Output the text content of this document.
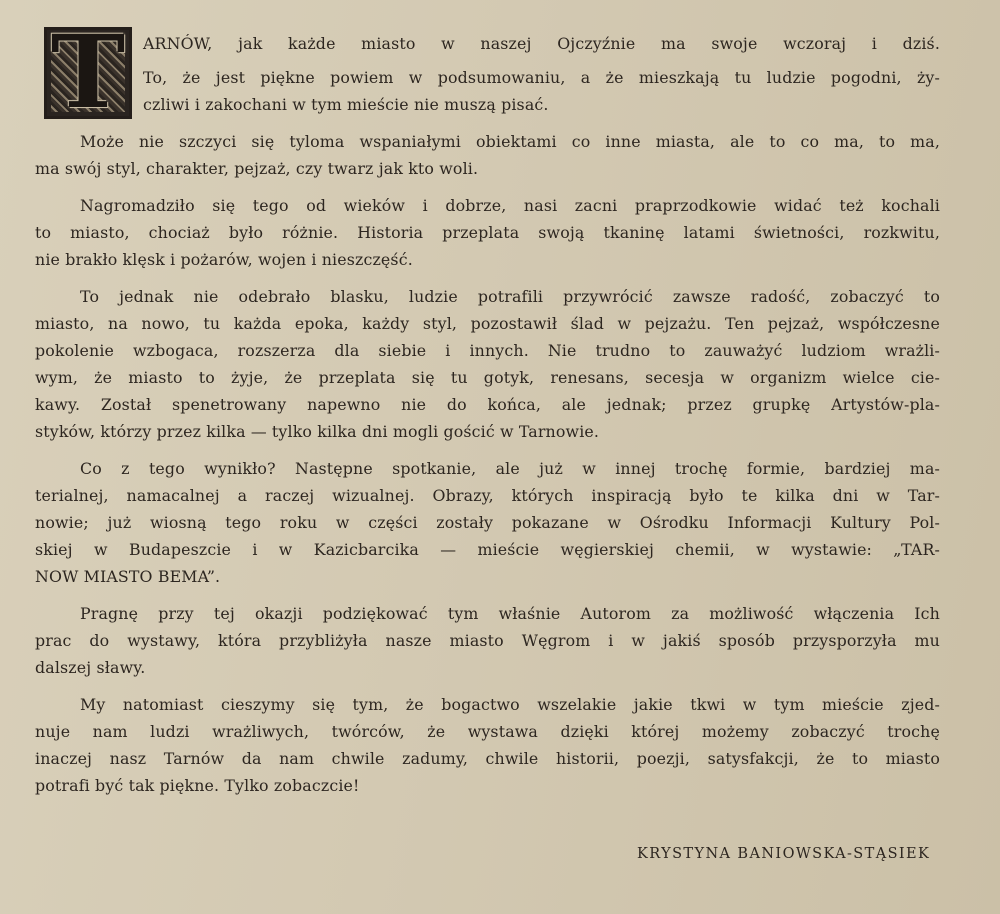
T ARNÓW, jak każde miasto w naszej Ojczyźnie ma swoje wczoraj i dziś.
To, że jest piękne powiem w podsumowaniu, a że mieszkają tu ludzie pogodni, ży-
czliwi i zakochani w tym mieście nie muszą pisać.
Może nie szczyci się tyloma wspaniałymi obiektami co inne miasta, ale to co ma, to ma,
ma swój styl, charakter, pejzaż, czy twarz jak kto woli.
Nagromadziło się tego od wieków i dobrze, nasi zacni praprzodkowie widać też kochali
to miasto, chociaż było różnie. Historia przeplata swoją tkaninę latami świetności, rozkwitu,
nie brakło klęsk i pożarów, wojen i nieszczęść.
To jednak nie odebrało blasku, ludzie potrafili przywrócić zawsze radość, zobaczyć to
miasto, na nowo, tu każda epoka, każdy styl, pozostawił ślad w pejzażu. Ten pejzaż, współczesne
pokolenie wzbogaca, rozszerza dla siebie i innych. Nie trudno to zauważyć ludziom wrażli-
wym, że miasto to żyje, że przeplata się tu gotyk, renesans, secesja w organizm wielce cie-
kawy. Został spenetrowany napewno nie do końca, ale jednak; przez grupkę Artystów-pla-
styków, którzy przez kilka — tylko kilka dni mogli gościć w Tarnowie.
Co z tego wynikło? Następne spotkanie, ale już w innej trochę formie, bardziej ma-
terialnej, namacalnej a raczej wizualnej. Obrazy, których inspiracją było te kilka dni w Tar-
nowie; już wiosną tego roku w części zostały pokazane w Ośrodku Informacji Kultury Pol-
skiej w Budapeszcie i w Kazicbarcika — mieście węgierskiej chemii, w wystawie: „TAR-
NOW MIASTO BEMA”.
Pragnę przy tej okazji podziękować tym właśnie Autorom za możliwość włączenia Ich
prac do wystawy, która przybliżyła nasze miasto Węgrom i w jakiś sposób przysporzyła mu
dalszej sławy.
My natomiast cieszymy się tym, że bogactwo wszelakie jakie tkwi w tym mieście zjed-
nuje nam ludzi wrażliwych, twórców, że wystawa dzięki której możemy zobaczyć trochę
inaczej nasz Tarnów da nam chwile zadumy, chwile historii, poezji, satysfakcji, że to miasto
potrafi być tak piękne. Tylko zobaczcie!
KRYSTYNA BANIOWSKA-STĄSIEK
